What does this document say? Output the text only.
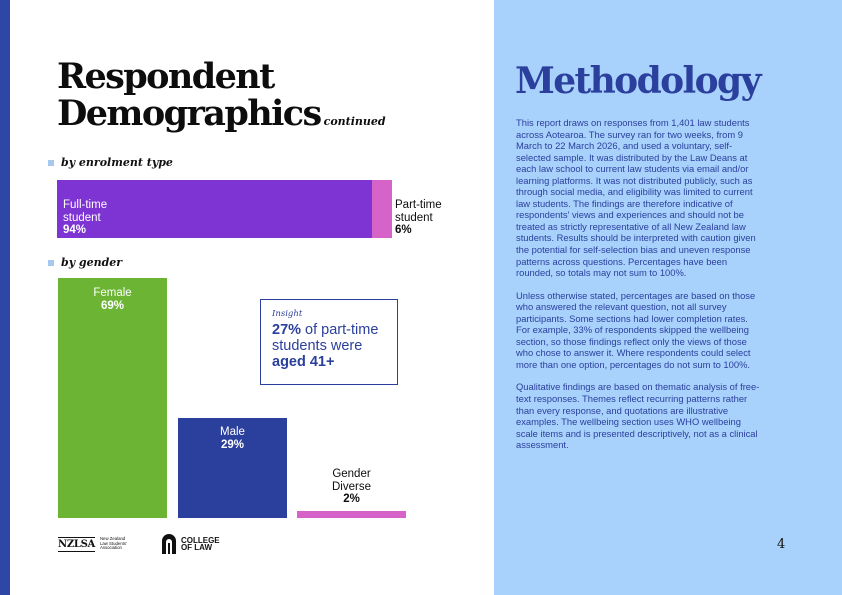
Respondent
Demographics continued
by enrolment type
Full-time
student
94%
Part-time
student
6%
by gender
Female
69%
Male
29%
Gender
Diverse
2%
Insight
27% of part-time
students were
aged 41+
NZLSA
New Zealand
Law Students'
Association
COLLEGE
OF LAW
Methodology

This report draws on responses from 1,401 law students across Aotearoa. The survey ran for two weeks, from 9 March to 22 March 2026, and used a voluntary, self-selected sample. It was distributed by the Law Deans at each law school to current law students via email and/or learning platforms. It was not distributed publicly, such as through social media, and eligibility was limited to current law students. The findings are therefore indicative of respondents' views and experiences and should not be treated as strictly representative of all New Zealand law students. Results should be interpreted with caution given the potential for self-selection bias and uneven response patterns across questions. Percentages have been rounded, so totals may not sum to 100%.

Unless otherwise stated, percentages are based on those who answered the relevant question, not all survey participants. Some sections had lower completion rates. For example, 33% of respondents skipped the wellbeing section, so those findings reflect only the views of those who chose to answer it. Where respondents could select more than one option, percentages do not sum to 100%.

Qualitative findings are based on thematic analysis of free-text responses. Themes reflect recurring patterns rather than every response, and quotations are illustrative examples. The wellbeing section uses WHO wellbeing scale items and is presented descriptively, not as a clinical assessment.

4
